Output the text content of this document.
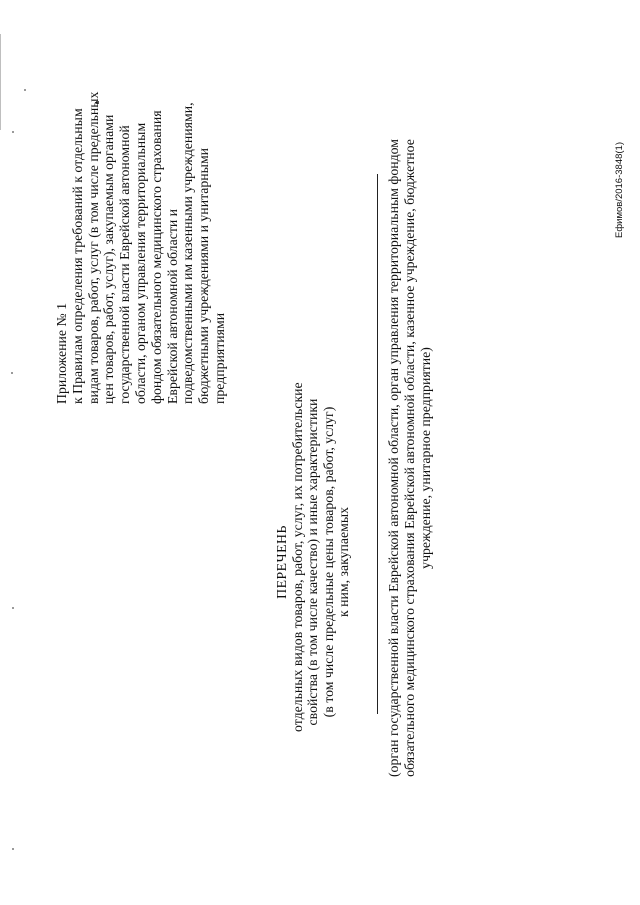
Приложение № 1 к Правилам определения требований к отдельным видам товаров, работ, услуг (в том числе предельных цен товаров, работ, услуг), закупаемым органами государственной власти Еврейской автономной области, органом управления территориальным фондом обязательного медицинского страхования Еврейской автономной области и подведомственными им казенными учреждениями, бюджетными учреждениями и унитарными предприятиями

ПЕРЕЧЕНЬ отдельных видов товаров, работ, услуг, их потребительские свойства (в том числе качество) и иные характеристики (в том числе предельные цены товаров, работ, услуг) к ним, закупаемых	(орган государственной власти Еврейской автономной области, орган управления территориальным фондом обязательного медицинского страхования Еврейской автономной области, казенное учреждение, бюджетное учреждение, унитарное предприятие)

Ефимов/2016-3848(1)
